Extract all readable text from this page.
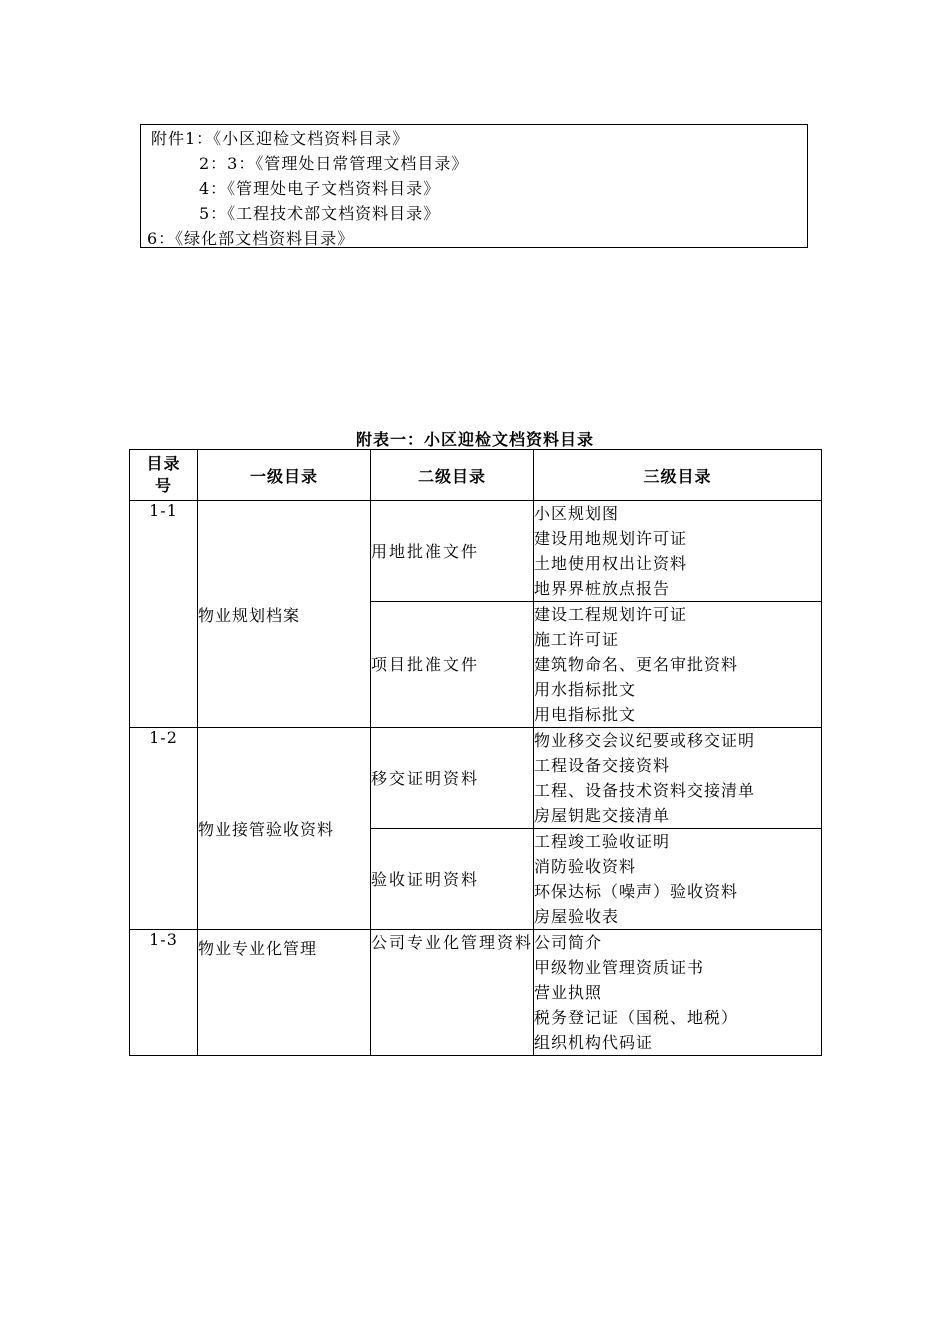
附件1：《小区迎检文档资料目录》
2：3：《管理处日常管理文档目录》
4：《管理处电子文档资料目录》
5：《工程技术部文档资料目录》
6：《绿化部文档资料目录》
附表一：小区迎检文档资料目录
目录
号	一级目录	二级目录	三级目录
1-1	物业规划档案	用地批准文件	小区规划图
建设用地规划许可证
土地使用权出让资料
地界界桩放点报告

		项目批准文件	建设工程规划许可证
施工许可证
建筑物命名、更名审批资料
用水指标批文
用电指标批文

1-2	物业接管验收资料	移交证明资料	物业移交会议纪要或移交证明
工程设备交接资料
工程、设备技术资料交接清单
房屋钥匙交接清单

		验收证明资料	工程竣工验收证明
消防验收资料
环保达标（噪声）验收资料
房屋验收表

1-3	物业专业化管理	公司专业化管理资料	公司简介
甲级物业管理资质证书
营业执照
税务登记证（国税、地税）
组织机构代码证
